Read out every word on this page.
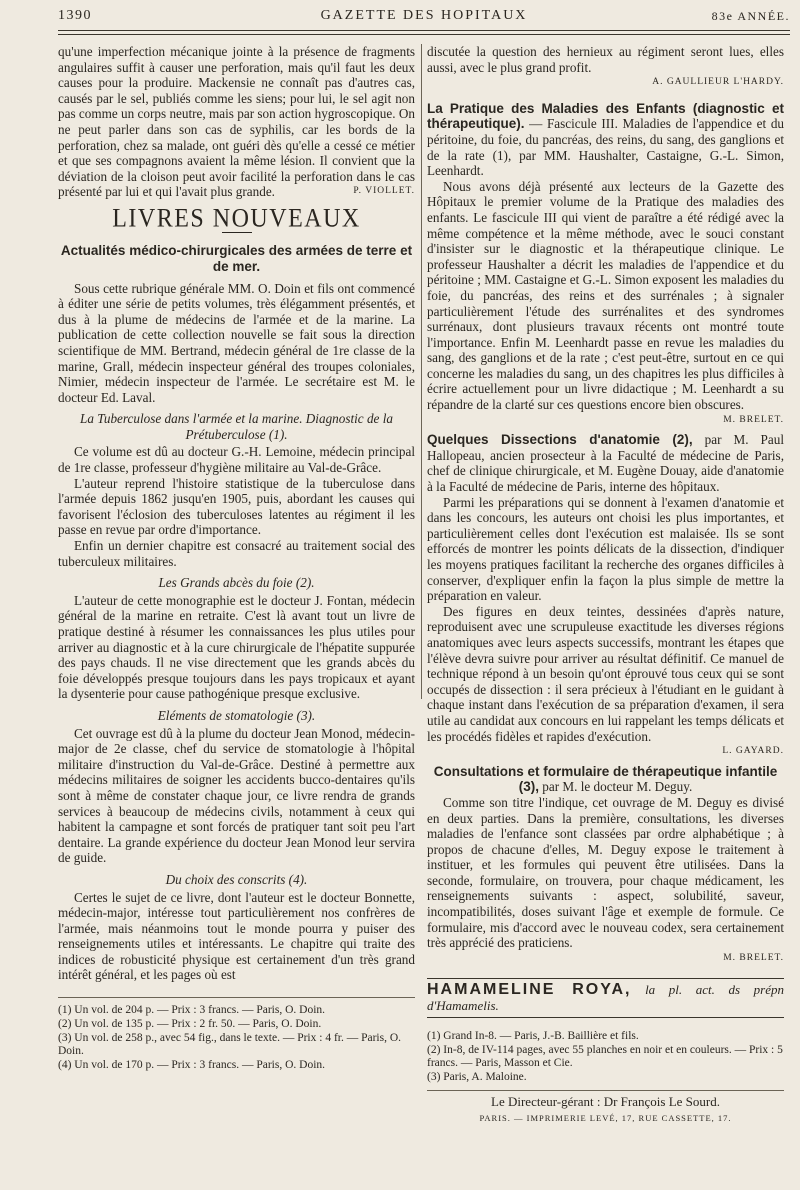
1390	GAZETTE DES HOPITAUX	83e ANNÉE.

qu'une imperfection mécanique jointe à la présence de fragments angulaires suffit à causer une perforation, mais qu'il faut les deux causes pour la produire. Mackensie ne connaît pas d'autres cas, causés par le sel, publiés comme les siens; pour lui, le sel agit non pas comme un corps neutre, mais par son action hygroscopique. On ne peut parler dans son cas de syphilis, car les bords de la perforation, chez sa malade, ont guéri dès qu'elle a cessé ce métier et que ses compagnons avaient la même lésion. Il convient que la déviation de la cloison peut avoir facilité la perforation dans le cas présenté par lui et qui l'avait plus grande.	P. VIOLLET.

LIVRES NOUVEAUX
Actualités médico-chirurgicales des armées de terre et de mer.

Sous cette rubrique générale MM. O. Doin et fils ont commencé à éditer une série de petits volumes, très élégamment présentés, et dus à la plume de médecins de l'armée et de la marine. La publication de cette collection nouvelle se fait sous la direction scientifique de MM. Bertrand, médecin général de 1re classe de la marine, Grall, médecin inspecteur général des troupes coloniales, Nimier, médecin inspecteur de l'armée. Le secrétaire est M. le docteur Ed. Laval.

La Tuberculose dans l'armée et la marine. Diagnostic de la Prétuberculose (1).

Ce volume est dû au docteur G.-H. Lemoine, médecin principal de 1re classe, professeur d'hygiène militaire au Val-de-Grâce.

L'auteur reprend l'histoire statistique de la tuberculose dans l'armée depuis 1862 jusqu'en 1905, puis, abordant les causes qui favorisent l'éclosion des tuberculoses latentes au régiment il les passe en revue par ordre d'importance.

Enfin un dernier chapitre est consacré au traitement social des tuberculeux militaires.

Les Grands abcès du foie (2).

L'auteur de cette monographie est le docteur J. Fontan, médecin général de la marine en retraite. C'est là avant tout un livre de pratique destiné à résumer les connaissances les plus utiles pour arriver au diagnostic et à la cure chirurgicale de l'hépatite suppurée des pays chauds. Il ne vise directement que les grands abcès du foie développés presque toujours dans les pays tropicaux et ayant la dysenterie pour cause pathogénique presque exclusive.

Eléments de stomatologie (3).

Cet ouvrage est dû à la plume du docteur Jean Monod, médecin-major de 2e classe, chef du service de stomatologie à l'hôpital militaire d'instruction du Val-de-Grâce. Destiné à permettre aux médecins militaires de soigner les accidents bucco-dentaires qu'ils sont à même de constater chaque jour, ce livre rendra de grands services à beaucoup de médecins civils, notamment à ceux qui habitent la campagne et sont forcés de pratiquer tant soit peu l'art dentaire. La grande expérience du docteur Jean Monod leur servira de guide.

Du choix des conscrits (4).

Certes le sujet de ce livre, dont l'auteur est le docteur Bonnette, médecin-major, intéresse tout particulièrement nos confrères de l'armée, mais néanmoins tout le monde pourra y puiser des renseignements utiles et intéressants. Le chapitre qui traite des indices de robusticité physique est certainement d'un très grand intérêt général, et les pages où est

(1) Un vol. de 204 p. — Prix : 3 francs. — Paris, O. Doin.
(2) Un vol. de 135 p. — Prix : 2 fr. 50. — Paris, O. Doin.
(3) Un vol. de 258 p., avec 54 fig., dans le texte. — Prix : 4 fr. — Paris, O. Doin.
(4) Un vol. de 170 p. — Prix : 3 francs. — Paris, O. Doin.

discutée la question des hernieux au régiment seront lues, elles aussi, avec le plus grand profit.

A. GAULLIEUR L'HARDY.
La Pratique des Maladies des Enfants (diagnostic et thérapeutique). — Fascicule III. Maladies de l'appendice et du péritoine, du foie, du pancréas, des reins, du sang, des ganglions et de la rate (1), par MM. Haushalter, Castaigne, G.-L. Simon, Leenhardt.

Nous avons déjà présenté aux lecteurs de la Gazette des Hôpitaux le premier volume de la Pratique des maladies des enfants. Le fascicule III qui vient de paraître a été rédigé avec la même compétence et la même méthode, avec le souci constant d'insister sur le diagnostic et la thérapeutique clinique. Le professeur Haushalter a décrit les maladies de l'appendice et du péritoine ; MM. Castaigne et G.-L. Simon exposent les maladies du foie, du pancréas, des reins et des surrénales ; à signaler particulièrement l'étude des surrénalites et des syndromes surrénaux, dont plusieurs travaux récents ont montré toute l'importance. Enfin M. Leenhardt passe en revue les maladies du sang, des ganglions et de la rate ; c'est peut-être, surtout en ce qui concerne les maladies du sang, un des chapitres les plus difficiles à écrire actuellement pour un livre didactique ; M. Leenhardt a su répandre de la clarté sur ces questions encore bien obscures.

M. BRELET.
Quelques Dissections d'anatomie (2), par M. Paul Hallopeau, ancien prosecteur à la Faculté de médecine de Paris, chef de clinique chirurgicale, et M. Eugène Douay, aide d'anatomie à la Faculté de médecine de Paris, interne des hôpitaux.

Parmi les préparations qui se donnent à l'examen d'anatomie et dans les concours, les auteurs ont choisi les plus importantes, et particulièrement celles dont l'exécution est malaisée. Ils se sont efforcés de montrer les points délicats de la dissection, d'indiquer les moyens pratiques facilitant la recherche des organes difficiles à conserver, d'expliquer enfin la façon la plus simple de mettre la préparation en valeur.

Des figures en deux teintes, dessinées d'après nature, reproduisent avec une scrupuleuse exactitude les diverses régions anatomiques avec leurs aspects successifs, montrant les étapes que l'élève devra suivre pour arriver au résultat définitif. Ce manuel de technique répond à un besoin qu'ont éprouvé tous ceux qui se sont occupés de dissection : il sera précieux à l'étudiant en le guidant à chaque instant dans l'exécution de sa préparation d'examen, il sera utile au candidat aux concours en lui rappelant les temps délicats et les procédés fidèles et rapides d'exécution.

L. GAYARD.
Consultations et formulaire de thérapeutique infantile (3), par M. le docteur M. Deguy.

Comme son titre l'indique, cet ouvrage de M. Deguy es divisé en deux parties. Dans la première, consultations, les diverses maladies de l'enfance sont classées par ordre alphabétique ; à propos de chacune d'elles, M. Deguy expose le traitement à instituer, et les formules qui peuvent être utilisées. Dans la seconde, formulaire, on trouvera, pour chaque médicament, les renseignements suivants : aspect, solubilité, saveur, incompatibilités, doses suivant l'âge et exemple de formule. Ce formulaire, mis d'accord avec le nouveau codex, sera certainement très apprécié des praticiens.

M. BRELET.
HAMAMELINE ROYA, la pl. act. ds prépn d'Hamamelis.
(1) Grand In-8. — Paris, J.-B. Baillière et fils.
(2) In-8, de IV-114 pages, avec 55 planches en noir et en couleurs. — Prix : 5 francs. — Paris, Masson et Cie.
(3) Paris, A. Maloine.
Le Directeur-gérant : Dr François Le Sourd.
PARIS. — IMPRIMERIE LEVÉ, 17, RUE CASSETTE, 17.
